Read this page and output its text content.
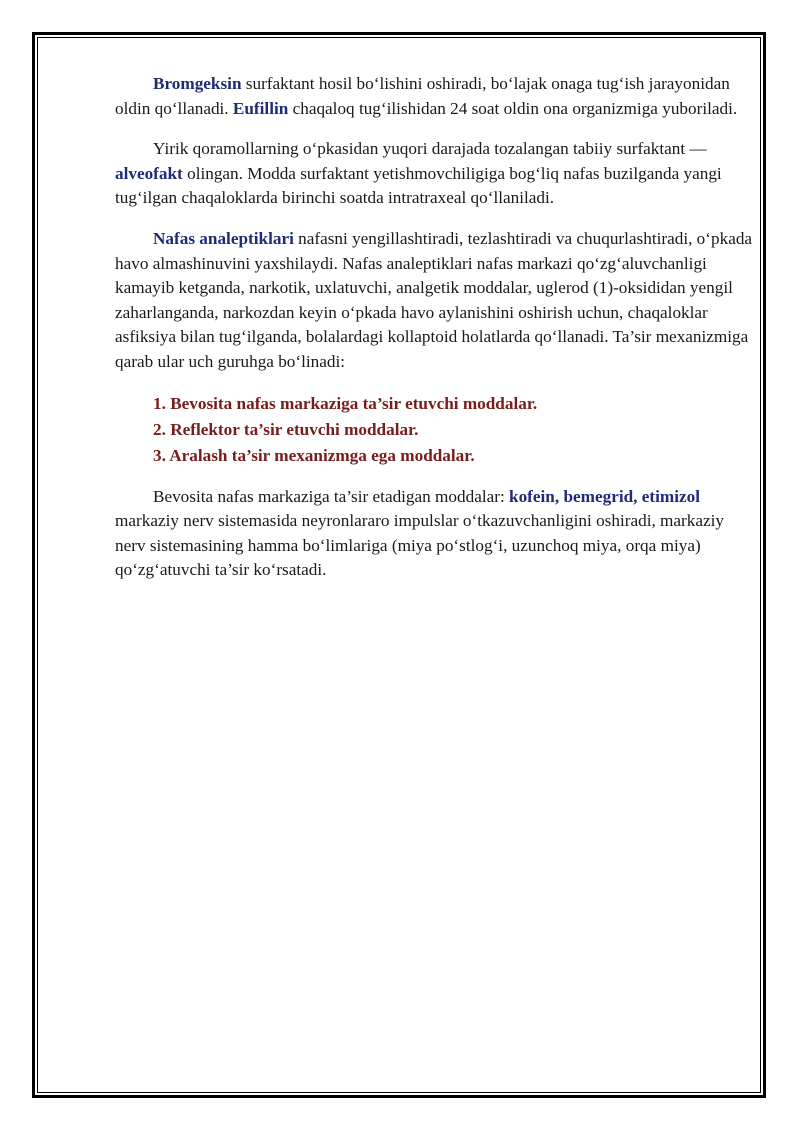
Bromgeksin surfaktant hosil bo‘lishini oshiradi, bo‘lajak onaga tug‘ish jarayonidan oldin qo‘llanadi. Eufillin chaqaloq tug‘ilishidan 24 soat oldin ona organizmiga yuboriladi.

Yirik qoramollarning o‘pkasidan yuqori darajada tozalangan tabiiy surfaktant — alveofakt olingan. Modda surfaktant yetishmovchiligiga bog‘liq nafas buzilganda yangi tug‘ilgan chaqaloklarda birinchi soatda intratraxeal qo‘llaniladi.

Nafas analeptiklari nafasni yengillashtiradi, tezlashtiradi va chuqurlashtiradi, o‘pkada havo almashinuvini yaxshilaydi. Nafas analeptiklari nafas markazi qo‘zg‘aluvchanligi kamayib ketganda, narkotik, uxlatuvchi, analgetik moddalar, uglerod (1)-oksididan yengil zaharlanganda, narkozdan keyin o‘pkada havo aylanishini oshirish uchun, chaqaloklar asfiksiya bilan tug‘ilganda, bolalardagi kollaptoid holatlarda qo‘llanadi. Ta’sir mexanizmiga qarab ular uch guruhga bo‘linadi:

1. Bevosita nafas markaziga ta’sir etuvchi moddalar.
2. Reflektor ta’sir etuvchi moddalar.
3. Aralash ta’sir mexanizmga ega moddalar.

Bevosita nafas markaziga ta’sir etadigan moddalar: kofein, bemegrid, etimizol markaziy nerv sistemasida neyronlararo impulslar o‘tkazuvchanligini oshiradi, markaziy nerv sistemasining hamma bo‘limlariga (miya po‘stlog‘i, uzunchoq miya, orqa miya) qo‘zg‘atuvchi ta’sir ko‘rsatadi.
